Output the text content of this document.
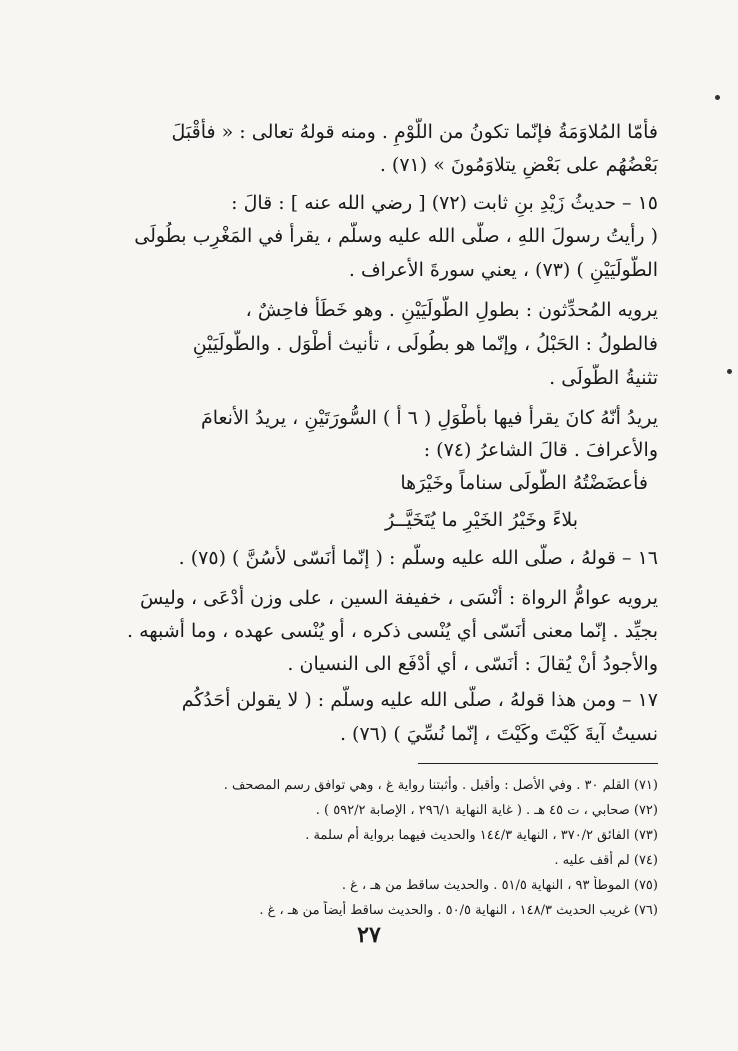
فأمّا المُلاوَمَةُ فإنّما تكونُ من اللّوْمِ . ومنه قولهُ تعالى : « فأقْبَلَ
بَعْضُهُم على بَعْضٍ يتلاوَمُونَ » (٧١) .
١٥ – حديثُ زَيْدِ بنِ ثابت (٧٢) [ رضي الله عنه ] : قالَ :
( رأيتُ رسولَ اللهِ ، صلّى الله عليه وسلّم ، يقرأُ في المَغْرِب بطُولَى
الطُّولَيَيْنِ ) (٧٣) ، يعني سورةَ الأعراف .
يرويه المُحدِّثون : بطولِ الطُّولَيَيْنِ . وهو خَطَأٌ فاحِشٌ ،
فالطولُ : الحَبْلُ ، وإنّما هو بطُولَى ، تأنيث أطْوَل . والطُّولَيَيْنِ
تثنيةُ الطُّولَى .
يريدُ أنّهُ كانَ يقرأُ فيها بأطْوَلِ ( ٦ أ ) السُّورَتَيْنِ ، يريدُ الأنعامَ
والأعرافَ . قالَ الشاعرُ (٧٤) :
فأعضَضْتُهُ الطُّولَى سناماً وخَيْرَها
بلاءً وخَيْرُ الخَيْرِ ما يُتَخَيَّــرُ
١٦ – قولهُ ، صلّى الله عليه وسلّم : ( إنّما أُنَسّى لأسُنَّ ) (٧٥) .
يرويه عوامُّ الرواة : أُنْسَى ، خفيفة السين ، على وزن أُدْعَى ، وليسَ
بجيِّد . إنّما معنى أُنَسّى أي يُنْسى ذكره ، أو يُنْسى عهده ، وما أشبهه .
والأجودُ أنْ يُقالَ : أُنَسّى ، أي أُدْفَع الى النسيان .
١٧ – ومن هذا قولهُ ، صلّى الله عليه وسلّم : ( لا يقولن أحَدُكُم
نسيتُ آيةَ كَيْتَ وكَيْتَ ، إنّما نُسِّيَ ) (٧٦) .
(٧١) القلم ٣٠ . وفي الأصل : وأقبل . وأثبتنا رواية غ ، وهي توافق رسم المصحف .
(٧٢) صحابي ، ت ٤٥ هـ . ( غاية النهاية ٢٩٦/١ ، الإصابة ٥٩٢/٢ ) .
(٧٣) الفائق ٣٧٠/٢ ، النهاية ١٤٤/٣ والحديث فيهما برواية أم سلمة .
(٧٤) لم أقف عليه .
(٧٥) الموطأ ٩٣ ، النهاية ٥١/٥ . والحديث ساقط من هـ ، غ .
(٧٦) غريب الحديث ١٤٨/٣ ، النهاية ٥٠/٥ . والحديث ساقط أيضاً من هـ ، غ .
٢٧
